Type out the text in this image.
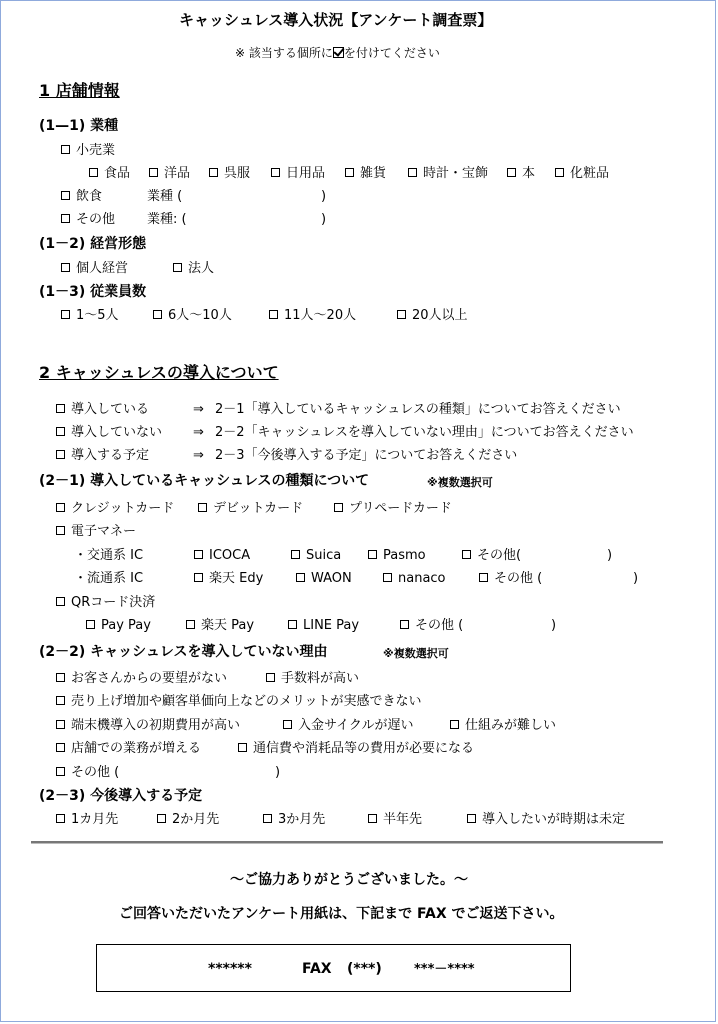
キャッシュレス導入状況【アンケート調査票】
※ 該当する個所に を付けてください
1 店舗情報
(1—1) 業種
小売業
食品	洋品	呉服	日用品	雑貨	時計・宝飾	本	化粧品
飲食	業種 (	)
その他 業種: (	)
(1－2) 経営形態
個人経営	法人
(1－3) 従業員数
1～5人	6人～10人	11人～20人	20人以上
2 キャッシュレスの導入について
導入している	⇒ 2－1「導入しているキャッシュレスの種類」についてお答えください
導入していない ⇒ 2－2「キャッシュレスを導入していない理由」についてお答えください
導入する予定	⇒ 2－3「今後導入する予定」についてお答えください
(2－1) 導入しているキャッシュレスの種類について	※複数選択可
クレジットカード	デビットカード	プリペードカード
電子マネー
・交通系 IC	ICOCA	Suica	Pasmo	その他(	)
・流通系 IC	楽天 Edy	WAON	nanaco	その他 (	)
QRコード決済
Pay Pay	楽天 Pay	LINE Pay	その他 (	)
(2－2) キャッシュレスを導入していない理由	※複数選択可
お客さんからの要望がない	手数料が高い
売り上げ増加や顧客単価向上などのメリットが実感できない
端末機導入の初期費用が高い	入金サイクルが遅い	仕組みが難しい
店舗での業務が増える	通信費や消耗品等の費用が必要になる
その他 (	)
(2－3) 今後導入する予定
1カ月先	2か月先	3か月先	半年先	導入したいが時期は未定
～ご協力ありがとうございました。～
ご回答いただいたアンケート用紙は、下記まで FAX でご返送下さい。
******	FAX (***) ***－****
